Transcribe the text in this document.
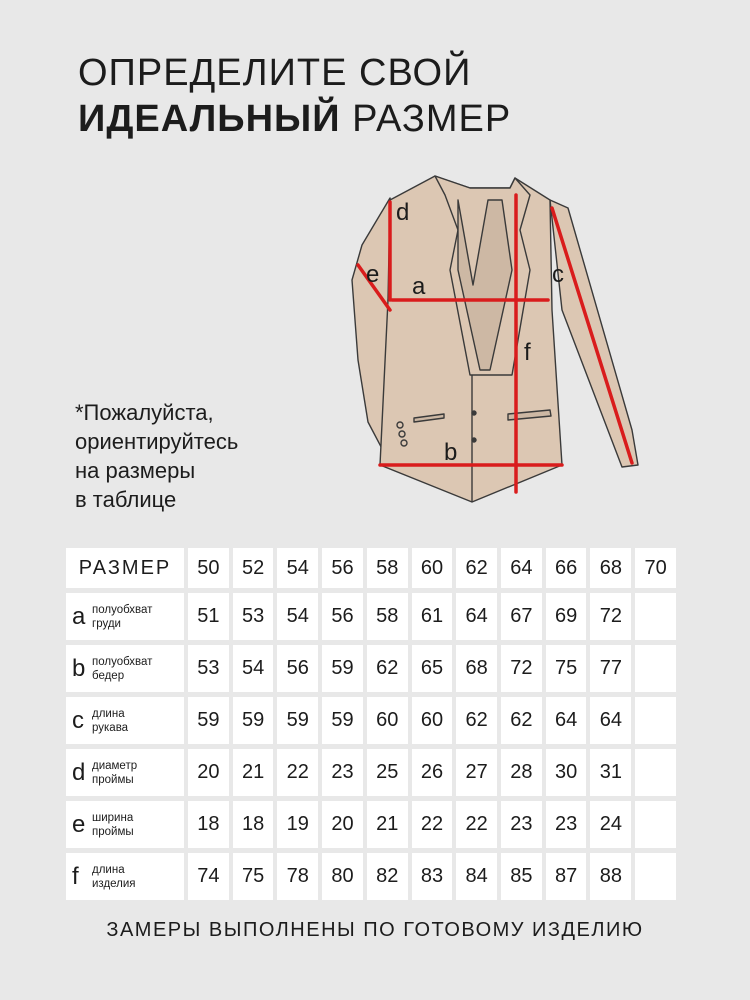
ОПРЕДЕЛИТЕ СВОЙ
ИДЕАЛЬНЫЙ РАЗМЕР
*Пожалуйста,
ориентируйтесь
на размеры
в таблице
a
b
c
d
e
f
РАЗМЕР	50	52	54	56	58	60	62	64	66	68	70
a полуобхват
груди	51	53	54	56	58	61	64	67	69	72	
b полуобхват
бедер	53	54	56	59	62	65	68	72	75	77	
c длина
рукава	59	59	59	59	60	60	62	62	64	64	
d диаметр
проймы	20	21	22	23	25	26	27	28	30	31	
e ширина
проймы	18	18	19	20	21	22	22	23	23	24	
f длина
изделия	74	75	78	80	82	83	84	85	87	88	
ЗАМЕРЫ ВЫПОЛНЕНЫ ПО ГОТОВОМУ ИЗДЕЛИЮ
